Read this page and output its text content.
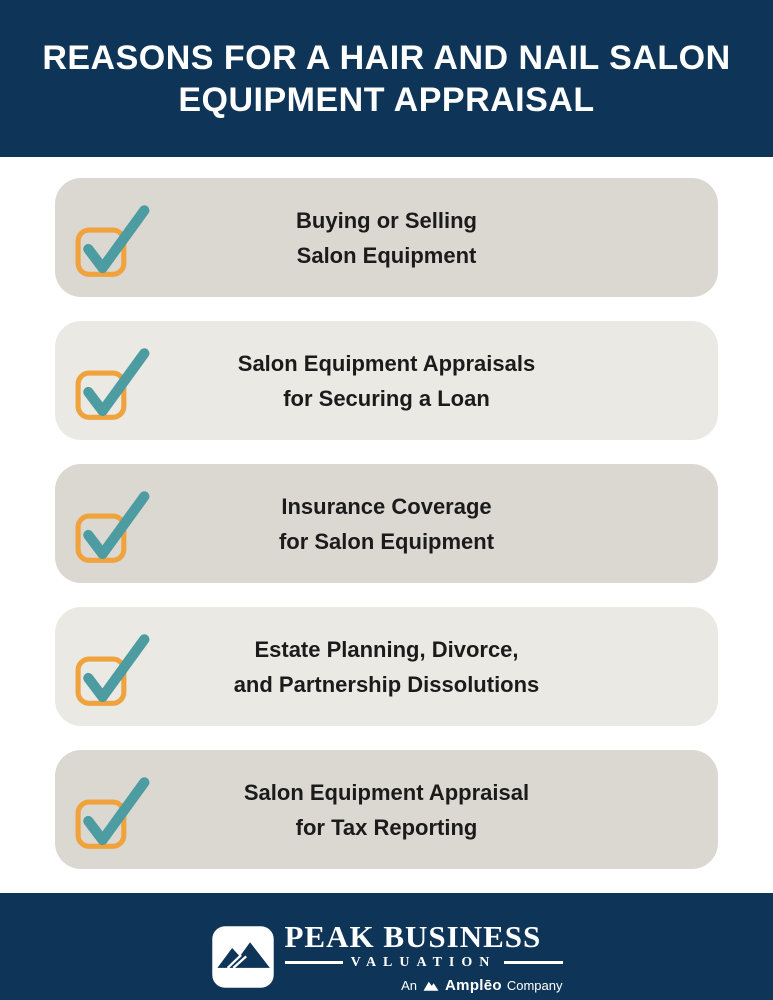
REASONS FOR A HAIR AND NAIL SALON
EQUIPMENT APPRAISAL
Buying or Selling
Salon Equipment
Salon Equipment Appraisals
for Securing a Loan
Insurance Coverage
for Salon Equipment
Estate Planning, Divorce,
and Partnership Dissolutions
Salon Equipment Appraisal
for Tax Reporting
PEAK BUSINESS
VALUATION
An Amplēo Company
